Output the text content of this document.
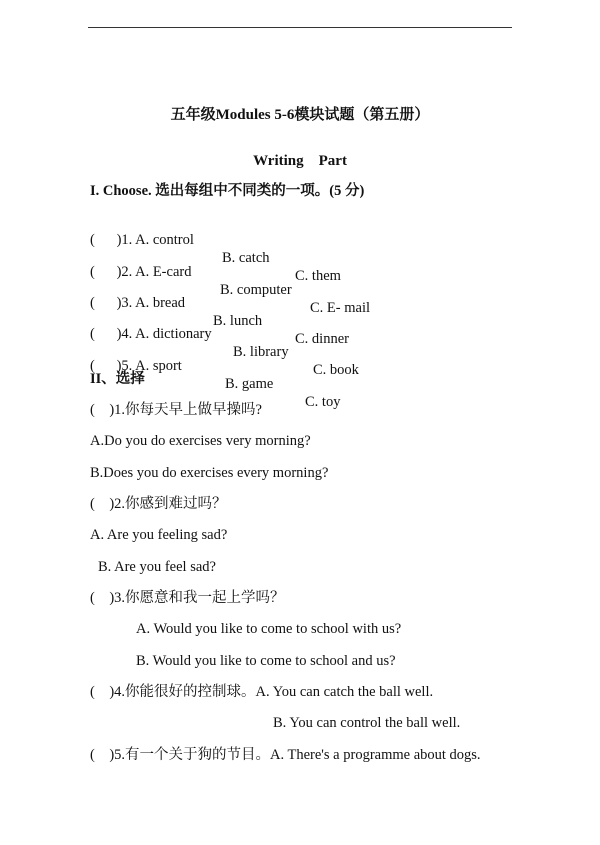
五年级Modules 5-6模块试题（第五册）
Writing    Part
I. Choose. 选出每组中不同类的一项。(5 分)

(      )1. A. control

B. catch

C. them

(      )2. A. E-card

B. computer

C. E- mail

(      )3. A. bread

B. lunch

C. dinner

(      )4. A. dictionary

B. library

C. book

(      )5. A. sport

B. game

C. toy

II、选择
(    )1.你每天早上做早操吗?
A.Do you do exercises very morning?
B.Does you do exercises every morning?
(    )2.你感到难过吗？
A. Are you feeling sad?
B. Are you feel sad?
(    )3.你愿意和我一起上学吗？
A. Would you like to come to school with us?
B. Would you like to come to school and us?
(    )4.你能很好的控制球。A. You can catch the ball well.
B. You can control the ball well.
(    )5.有一个关于狗的节目。A. There's a programme about dogs.
